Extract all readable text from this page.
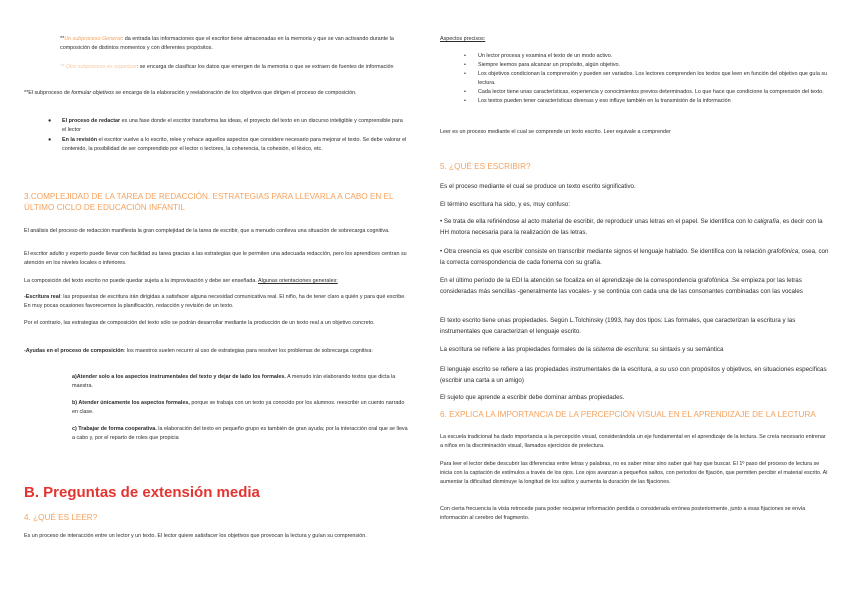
**Un subproceso Generar: da entrada las informaciones que el escritor tiene almacenadas en la memoria y que se van activando durante la composición de distintos momentos y con diferentes propósitos.

** Otro subproceso es organizar: se encarga de clasificar los datos que emergen de la memoria o que se extraen de fuentes de información

**El subproceso de formular objetivos se encarga de la elaboración y reelaboración de los objetivos que dirigen el proceso de composición.

● El proceso de redactar es una fase donde el escritor transforma las ideas, el proyecto del texto en un discurso inteligible y comprensible para el lector
● En la revisión el escritor vuelve a lo escrito, relee y rehace aquellos aspectos que considere necesario para mejorar el texto. Se debe valorar el contenido, la posibilidad de ser comprendido por el lector o lectores, la coherencia, la cohesión, el léxico, etc.

3.COMPLEJIDAD DE LA TAREA DE REDACCIÓN. ESTRATEGIAS PARA LLEVARLA A CABO EN EL ÚLTIMO CICLO DE EDUCACIÓN INFANTIL

El análisis del proceso de redacción manifiesta la gran complejidad de la tarea de escribir, que a menudo conlleva una situación de sobrecarga cognitiva.

El escritor adulto y experto puede llevar con facilidad su tarea gracias a las estrategias que le permiten una adecuada redacción, pero los aprendices centran su atención en los niveles locales o inferiores.

La composición del texto escrito no puede quedar sujeta a la improvisación y debe ser enseñada. Algunas orientaciones generales:

-Escritura real: las propuestas de escritura irán dirigidas a satisfacer alguna necesidad comunicativa real. El niño, ha de tener claro a quién y para qué escribe. En muy pocas ocasiones favorecemos la planificación, redacción y revisión de un texto.

Por el contrario, las estrategias de composición del texto sólo se podrán desarrollar mediante la producción de un texto real a un objetivo concreto.

-Ayudas en el proceso de composición: los maestros suelen recurrir al uso de estrategias para resolver los problemas de sobrecarga cognitiva:

a)Atender solo a los aspectos instrumentales del texto y dejar de lado los formales. A menudo irán elaborando textos que dicta la maestra.

b) Atender únicamente los aspectos formales, porque se trabaja con un texto ya conocido por los alumnos. reescribir un cuento narrado en clase.

c) Trabajar de forma cooperativa. la elaboración del texto en pequeño grupo es también de gran ayuda; por la interacción oral que se lleva a cabo y, por el reparto de roles que propicia

B. Preguntas de extensión media

4. ¿QUÉ ES LEER?

Es un proceso de interacción entre un lector y un texto. El lector quiere satisfacer los objetivos que provocan la lectura y guían su comprensión.

Aspectos precisos:

• Un lector procesa y examina el texto de un modo activo.
• Siempre leemos para alcanzar un propósito, algún objetivo.
• Los objetivos condicionan la comprensión y pueden ser variados. Los lectores comprenden los textos que leen en función del objetivo que guía su lectura.
• Cada lector tiene unas características, experiencia y conocimientos previos determinados. Lo que hace que condicione la comprensión del texto.
• Los textos pueden tener características diversas y eso influye también en la transmisión de la información

Leer es un proceso mediante el cual se comprende un texto escrito. Leer equivale a comprender

5. ¿QUÉ ES ESCRIBIR?

Es el proceso mediante el cual se produce un texto escrito significativo.

El término escritura ha sido, y es, muy confuso:

• Se trata de ella refiriéndose al acto material de escribir, de reproducir unas letras en el papel. Se identifica con lo caligrafía, es decir con la HH motora necesaria para la realización de las letras.

• Otra creencia es que escribir consiste en transcribir mediante signos el lenguaje hablado. Se identifica con la relación grafofónica, osea, con la correcta correspondencia de cada fonema con su grafía.

En el último período de la EDI la atención se focaliza en el aprendizaje de la correspondencia grafofónica .Se empieza por las letras consideradas más sencillas -generalmente las vocales- y se continúa con cada una de las consonantes combinadas con las vocales

El texto escrito tiene unas propiedades. Según L.Tolchinsky (1993, hay dos tipos: Las formales, que caracterizan la escritura y las instrumentales que caracterizan el lenguaje escrito.

La escritura se refiere a las propiedades formales de la sistema de escritura: su sintaxis y su semántica

El lenguaje escrito se refiere a las propiedades instrumentales de la escritura, a su uso con propósitos y objetivos, en situaciones específicas (escribir una carta a un amigo)

El sujeto que aprende a escribir debe dominar ambas propiedades.

6. EXPLICA LA IMPORTANCIA DE LA PERCEPCIÓN VISUAL EN EL APRENDIZAJE DE LA LECTURA

La escuela tradicional ha dado importancia a la percepción visual, considerándola un eje fundamental en el aprendizaje de la lectura. Se creía necesario entrenar a niños en la discriminación visual, llamados ejercicios de prelectura.

Para leer el lector debe descubrir las diferencias entre letras y palabras, no es saber mirar sino saber qué hay que buscar. El 1º paso del proceso de lectura se inicia con la captación de estímulos a través de los ojos. Los ojos avanzan a pequeños saltos, con periodos de fijación, que permiten percibir el material escrito. Al aumentar la dificultad disminuye la longitud de los saltos y aumenta la duración de las fijaciones.

Con cierta frecuencia la vista retrocede para poder recuperar información perdida o considerada errónea posteriormente, junto a esas fijaciones se envía información al cerebro del fragmento.
